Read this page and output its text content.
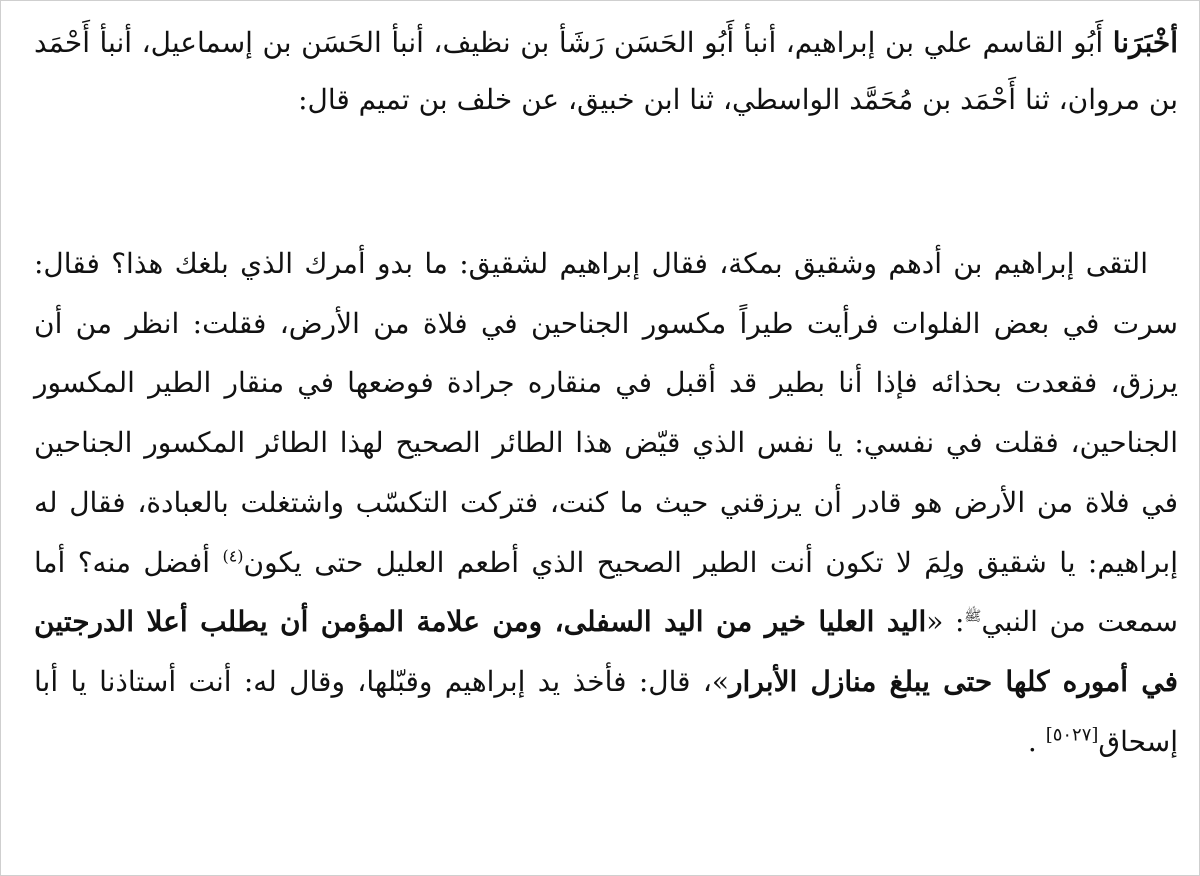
أخْبَرَنا أَبُو القاسم علي بن إبراهيم، أنبأ أَبُو الحَسَن رَشَأ بن نظيف، أنبأ الحَسَن بن إسماعيل، أنبأ أَحْمَد بن مروان، ثنا أَحْمَد بن مُحَمَّد الواسطي، ثنا ابن خبيق، عن خلف بن تميم قال:

التقى إبراهيم بن أدهم وشقيق بمكة، فقال إبراهيم لشقيق: ما بدو أمرك الذي بلغك هذا؟ فقال: سرت في بعض الفلوات فرأيت طيراً مكسور الجناحين في فلاة من الأرض، فقلت: انظر من أن يرزق، فقعدت بحذائه فإذا أنا بطير قد أقبل في منقاره جرادة فوضعها في منقار الطير المكسور الجناحين، فقلت في نفسي: يا نفس الذي قيّض هذا الطائر الصحيح لهذا الطائر المكسور الجناحين في فلاة من الأرض هو قادر أن يرزقني حيث ما كنت، فتركت التكسّب واشتغلت بالعبادة، فقال له إبراهيم: يا شقيق ولِمَ لا تكون أنت الطير الصحيح الذي أطعم العليل حتى يكون$^{(٤)}$ أفضل منه؟ أما سمعت من النبي$^ﷺ$: «اليد العليا خير من اليد السفلى، ومن علامة المؤمن أن يطلب أعلا الدرجتين في أموره كلها حتى يبلغ منازل الأبرار»، قال: فأخذ يد إبراهيم وقبّلها، وقال له: أنت أستاذنا يا أبا إسحاق[٥٠٢٧] .
